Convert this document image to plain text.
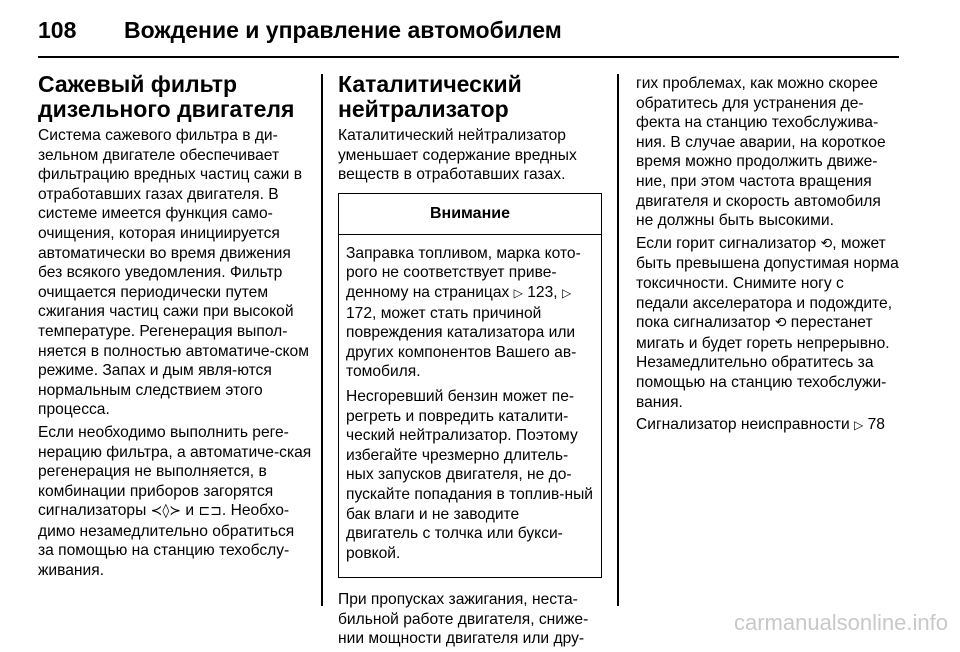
108 Вождение и управление автомобилем
Сажевый фильтр дизельного двигателя

Система сажевого фильтра в ди-зельном двигателе обеспечивает фильтрацию вредных частиц сажи в отработавших газах двигателя. В системе имеется функция само-очищения, которая инициируется автоматически во время движения без всякого уведомления. Фильтр очищается периодически путем сжигания частиц сажи при высокой температуре. Регенерация выпол-няется в полностью автоматиче-ском режиме. Запах и дым явля-ются нормальным следствием этого процесса.

Если необходимо выполнить реге-нерацию фильтра, а автоматиче-ская регенерация не выполняется, в комбинации приборов загорятся сигнализаторы ≺◊≻ и ⊏⊐. Необхо-димо незамедлительно обратиться за помощью на станцию техобслу-живания.

Каталитический нейтрализатор

Каталитический нейтрализатор уменьшает содержание вредных веществ в отработавших газах.

Внимание

Заправка топливом, марка кото-рого не соответствует приве-денному на страницах ▷ 123, ▷ 172, может стать причиной повреждения катализатора или других компонентов Вашего ав-томобиля.

Несгоревший бензин может пе-регреть и повредить каталити-ческий нейтрализатор. Поэтому избегайте чрезмерно длитель-ных запусков двигателя, не до-пускайте попадания в топлив-ный бак влаги и не заводите двигатель с толчка или букси-ровкой.

При пропусках зажигания, неста-бильной работе двигателя, сниже-нии мощности двигателя или дру-

гих проблемах, как можно скорее обратитесь для устранения де-фекта на станцию техобслужива-ния. В случае аварии, на короткое время можно продолжить движе-ние, при этом частота вращения двигателя и скорость автомобиля не должны быть высокими.

Если горит сигнализатор ⟲, может быть превышена допустимая норма токсичности. Снимите ногу с педали акселератора и подождите, пока сигнализатор ⟲ перестанет мигать и будет гореть непрерывно. Незамедлительно обратитесь за помощью на станцию техобслужи-вания.

Сигнализатор неисправности ▷ 78

carmanualsonline.info
